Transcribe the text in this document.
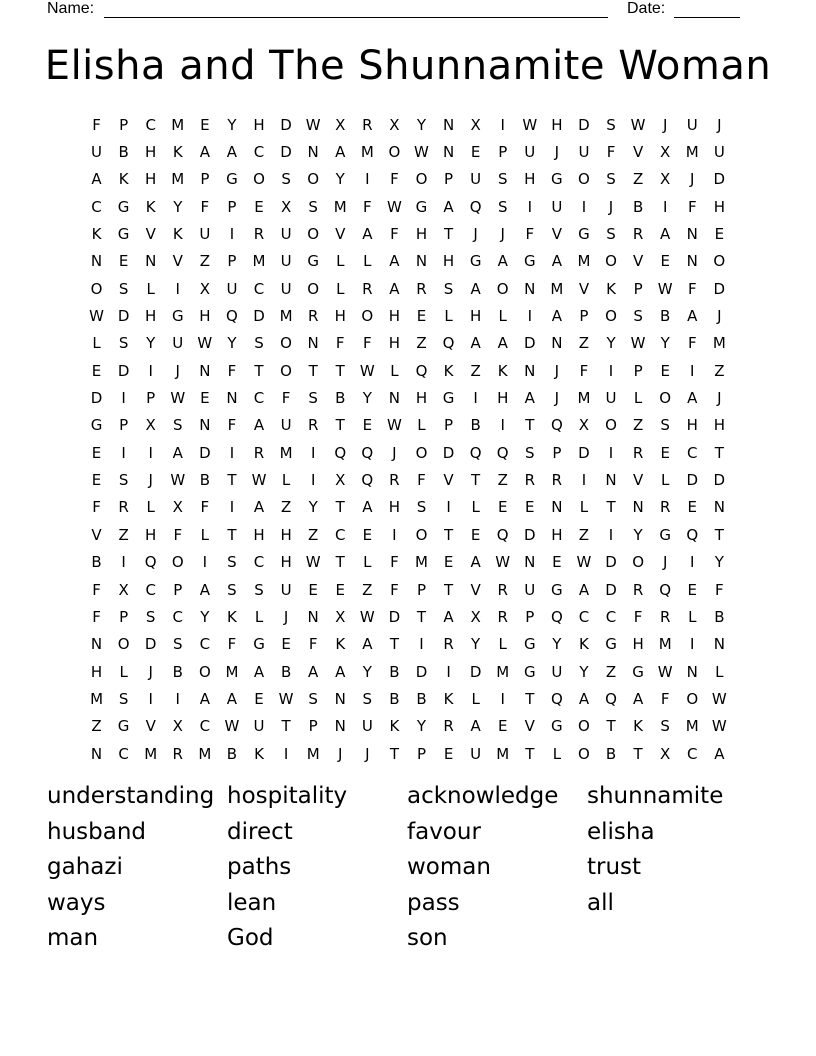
Name:	Date:
Elisha and The Shunnamite Woman
F	P	C	M	E	Y	H	D W X	R	X	Y	N	X	I	W H	D	S W	J	U	J
U	B	H	K	A	A	C	D	N	A	M O W N	E	P	U	J	U	F	V	X	M	U
A	K	H M	P	G	O	S	O	Y	I	F	O	P	U	S	H	G	O	S	Z	X	J	D
C	G	K	Y	F	P	E	X	S	M	F	W G	A	Q	S	I	U	I	J	B	I	F	H
K	G	V	K	U	I	R	U	O	V	A	F	H	T	J	J	F	V	G	S	R	A	N	E
N	E	N	V	Z	P	M	U	G	L	L	A	N	H	G	A	G	A	M O	V	E	N	O
O	S	L	I	X	U	C	U	O	L	R	A	R	S	A	O	N M	V	K	P	W	F	D
W D	H	G	H	Q	D M	R	H	O	H	E	L	H	L	I	A	P	O	S	B	A	J
L	S	Y	U W	Y	S	O	N	F	F	H	Z	Q	A	A	D	N	Z	Y	W	Y	F	M
E	D	I	J	N	F	T	O	T	T	W	L	Q	K	Z	K	N	J	F	I	P	E	I	Z
D	I	P	W E	N	C	F	S	B	Y	N	H	G	I	H	A	J	M	U	L	O	A	J
G	P	X	S	N	F	A	U	R	T	E W	L	P	B	I	T	Q	X	O	Z	S	H	H
E	I	I	A	D	I	R	M	I	Q	Q	J	O	D	Q	Q	S	P	D	I	R	E	C	T
E	S	J	W B	T	W	L	I	X	Q	R	F	V	T	Z	R	R	I	N	V	L	D	D
F	R	L	X	F	I	A	Z	Y	T	A	H	S	I	L	E	E	N	L	T	N	R	E	N
V	Z	H	F	L	T	H	H	Z	C	E	I	O	T	E	Q	D	H	Z	I	Y	G	Q	T
B	I	Q	O	I	S	C	H W	T	L	F	M	E	A W N	E W D	O	J	I	Y
F	X	C	P	A	S	S	U	E	E	Z	F	P	T	V	R	U	G	A	D	R	Q	E	F
F	P	S	C	Y	K	L	J	N	X W D	T	A	X	R	P	Q	C	C	F	R	L	B
N	O	D	S	C	F	G	E	F	K	A	T	I	R	Y	L	G	Y	K	G	H M	I	N
H	L	J	B	O M	A	B	A	A	Y	B	D	I	D M G	U	Y	Z	G W N	L
M	S	I	I	A	A	E W S	N	S	B	B	K	L	I	T	Q	A	Q	A	F	O W
Z	G	V	X	C W U	T	P	N	U	K	Y	R	A	E	V	G	O	T	K	S	M W
N	C	M	R	M	B	K	I	M	J	J	T	P	E	U	M	T	L	O	B	T	X	C	A
understanding hospitality	acknowledge	shunnamite
husband	direct	favour	elisha
gahazi	paths	woman	trust
ways	lean	pass	all
man	God	son
